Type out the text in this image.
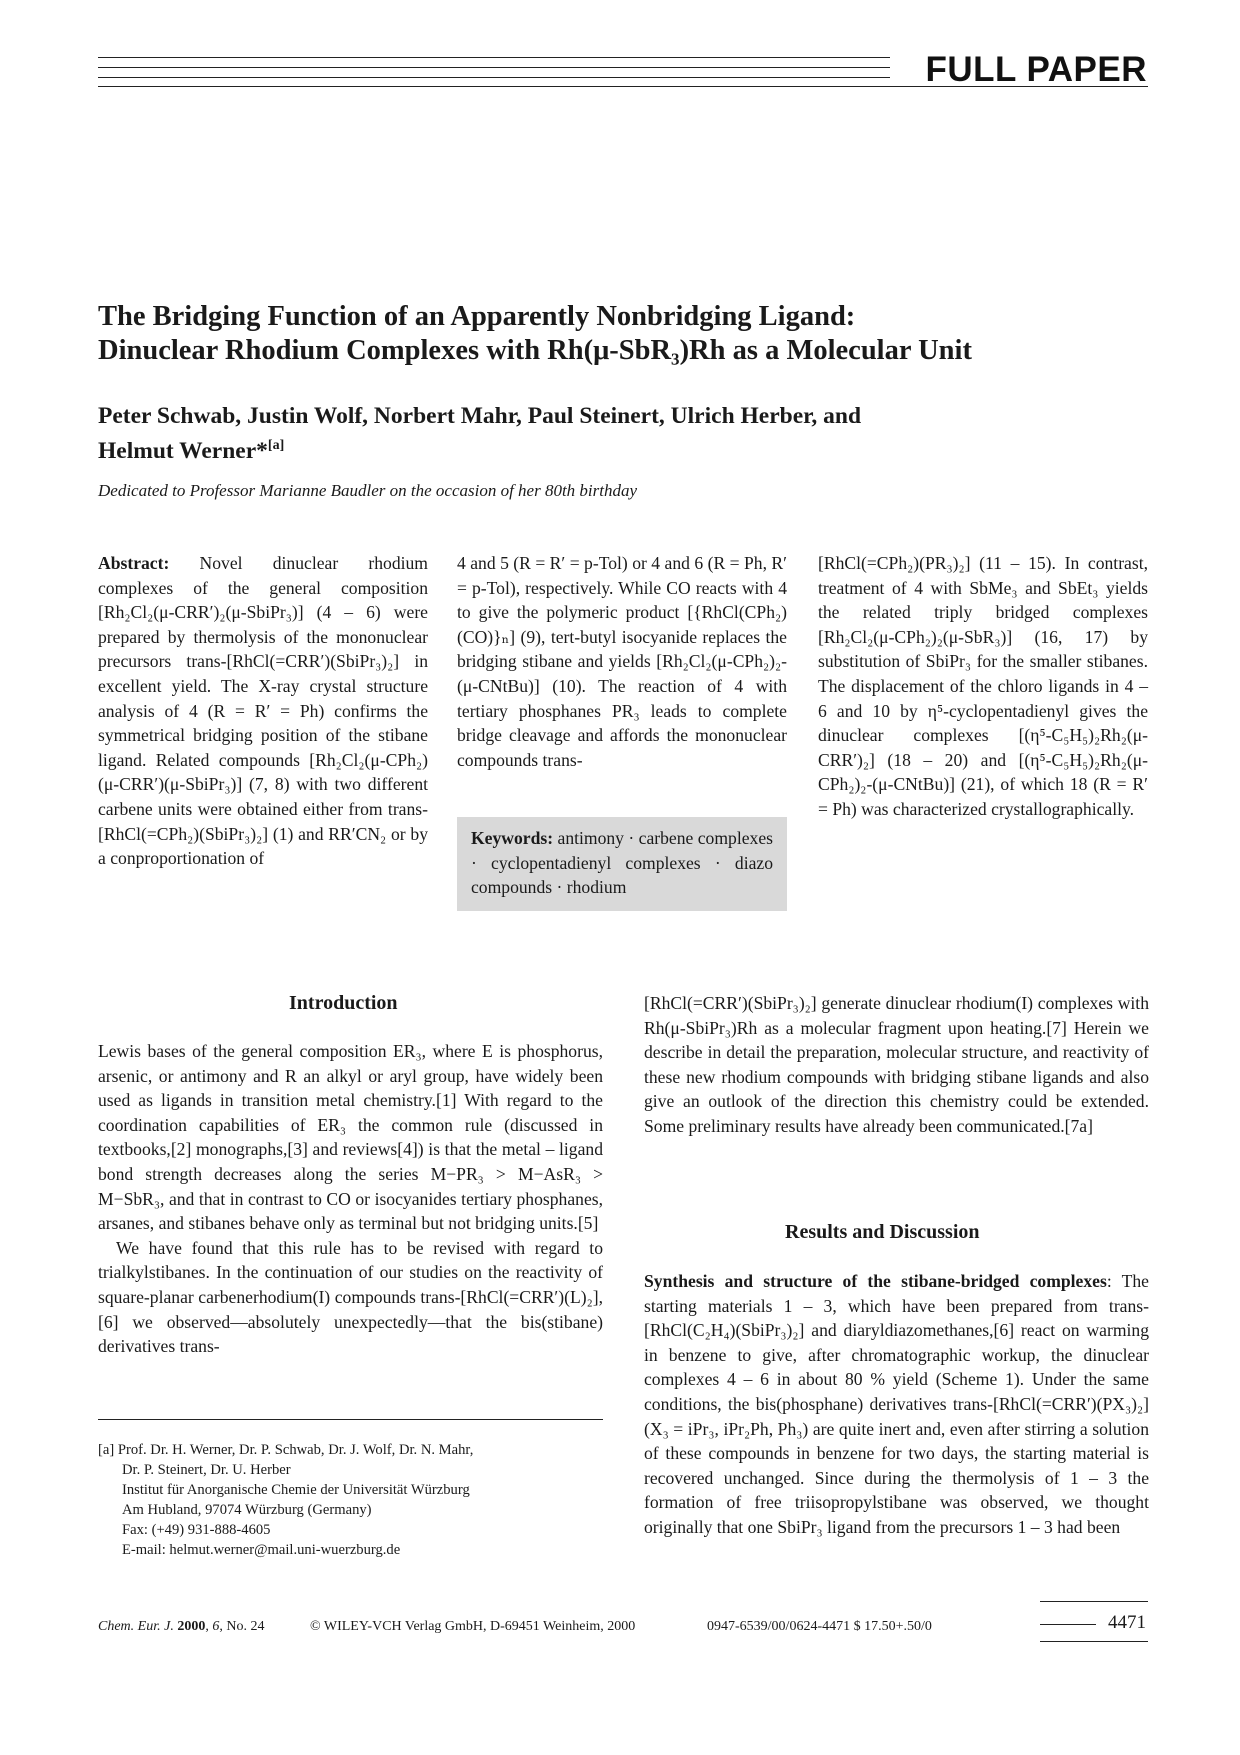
FULL PAPER
The Bridging Function of an Apparently Nonbridging Ligand:
Dinuclear Rhodium Complexes with Rh(μ-SbR₃)Rh as a Molecular Unit
Peter Schwab, Justin Wolf, Norbert Mahr, Paul Steinert, Ulrich Herber, and
Helmut Werner*[a]
Dedicated to Professor Marianne Baudler on the occasion of her 80th birthday

Abstract: Novel dinuclear rhodium complexes of the general composition [Rh₂Cl₂(μ-CRR′)₂(μ-SbiPr₃)] (4 – 6) were prepared by thermolysis of the mononuclear precursors trans-[RhCl(=CRR′)(SbiPr₃)₂] in excellent yield. The X-ray crystal structure analysis of 4 (R = R′ = Ph) confirms the symmetrical bridging position of the stibane ligand. Related compounds [Rh₂Cl₂(μ-CPh₂)(μ-CRR′)(μ-SbiPr₃)] (7, 8) with two different carbene units were obtained either from trans-[RhCl(=CPh₂)(SbiPr₃)₂] (1) and RR′CN₂ or by a conproportionation of

4 and 5 (R = R′ = p-Tol) or 4 and 6 (R = Ph, R′ = p-Tol), respectively. While CO reacts with 4 to give the polymeric product [{RhCl(CPh₂)(CO)}ₙ] (9), tert-butyl isocyanide replaces the bridging stibane and yields [Rh₂Cl₂(μ-CPh₂)₂-(μ-CNtBu)] (10). The reaction of 4 with tertiary phosphanes PR₃ leads to complete bridge cleavage and affords the mononuclear compounds trans-

[RhCl(=CPh₂)(PR₃)₂] (11 – 15). In contrast, treatment of 4 with SbMe₃ and SbEt₃ yields the related triply bridged complexes [Rh₂Cl₂(μ-CPh₂)₂(μ-SbR₃)] (16, 17) by substitution of SbiPr₃ for the smaller stibanes. The displacement of the chloro ligands in 4 – 6 and 10 by η⁵-cyclopentadienyl gives the dinuclear complexes [(η⁵-C₅H₅)₂Rh₂(μ-CRR′)₂] (18 – 20) and [(η⁵-C₅H₅)₂Rh₂(μ-CPh₂)₂-(μ-CNtBu)] (21), of which 18 (R = R′ = Ph) was characterized crystallographically.

Keywords: antimony · carbene complexes · cyclopentadienyl complexes · diazo compounds · rhodium

Introduction

Lewis bases of the general composition ER₃, where E is phosphorus, arsenic, or antimony and R an alkyl or aryl group, have widely been used as ligands in transition metal chemistry.[1] With regard to the coordination capabilities of ER₃ the common rule (discussed in textbooks,[2] monographs,[3] and reviews[4]) is that the metal – ligand bond strength decreases along the series M−PR₃ > M−AsR₃ > M−SbR₃, and that in contrast to CO or isocyanides tertiary phosphanes, arsanes, and stibanes behave only as terminal but not bridging units.[5]

We have found that this rule has to be revised with regard to trialkylstibanes. In the continuation of our studies on the reactivity of square-planar carbenerhodium(I) compounds trans-[RhCl(=CRR′)(L)₂],[6] we observed—absolutely unexpectedly—that the bis(stibane) derivatives trans-

[a] Prof. Dr. H. Werner, Dr. P. Schwab, Dr. J. Wolf, Dr. N. Mahr,
Dr. P. Steinert, Dr. U. Herber
Institut für Anorganische Chemie der Universität Würzburg
Am Hubland, 97074 Würzburg (Germany)
Fax: (+49) 931-888-4605
E-mail: helmut.werner@mail.uni-wuerzburg.de

[RhCl(=CRR′)(SbiPr₃)₂] generate dinuclear rhodium(I) complexes with Rh(μ-SbiPr₃)Rh as a molecular fragment upon heating.[7] Herein we describe in detail the preparation, molecular structure, and reactivity of these new rhodium compounds with bridging stibane ligands and also give an outlook of the direction this chemistry could be extended. Some preliminary results have already been communicated.[7a]

Results and Discussion

Synthesis and structure of the stibane-bridged complexes: The starting materials 1 – 3, which have been prepared from trans-[RhCl(C₂H₄)(SbiPr₃)₂] and diaryldiazomethanes,[6] react on warming in benzene to give, after chromatographic workup, the dinuclear complexes 4 – 6 in about 80 % yield (Scheme 1). Under the same conditions, the bis(phosphane) derivatives trans-[RhCl(=CRR′)(PX₃)₂] (X₃ = iPr₃, iPr₂Ph, Ph₃) are quite inert and, even after stirring a solution of these compounds in benzene for two days, the starting material is recovered unchanged. Since during the thermolysis of 1 – 3 the formation of free triisopropylstibane was observed, we thought originally that one SbiPr₃ ligand from the precursors 1 – 3 had been

Chem. Eur. J. 2000, 6, No. 24	© WILEY-VCH Verlag GmbH, D-69451 Weinheim, 2000	0947-6539/00/0624-4471 $ 17.50+.50/0	4471
